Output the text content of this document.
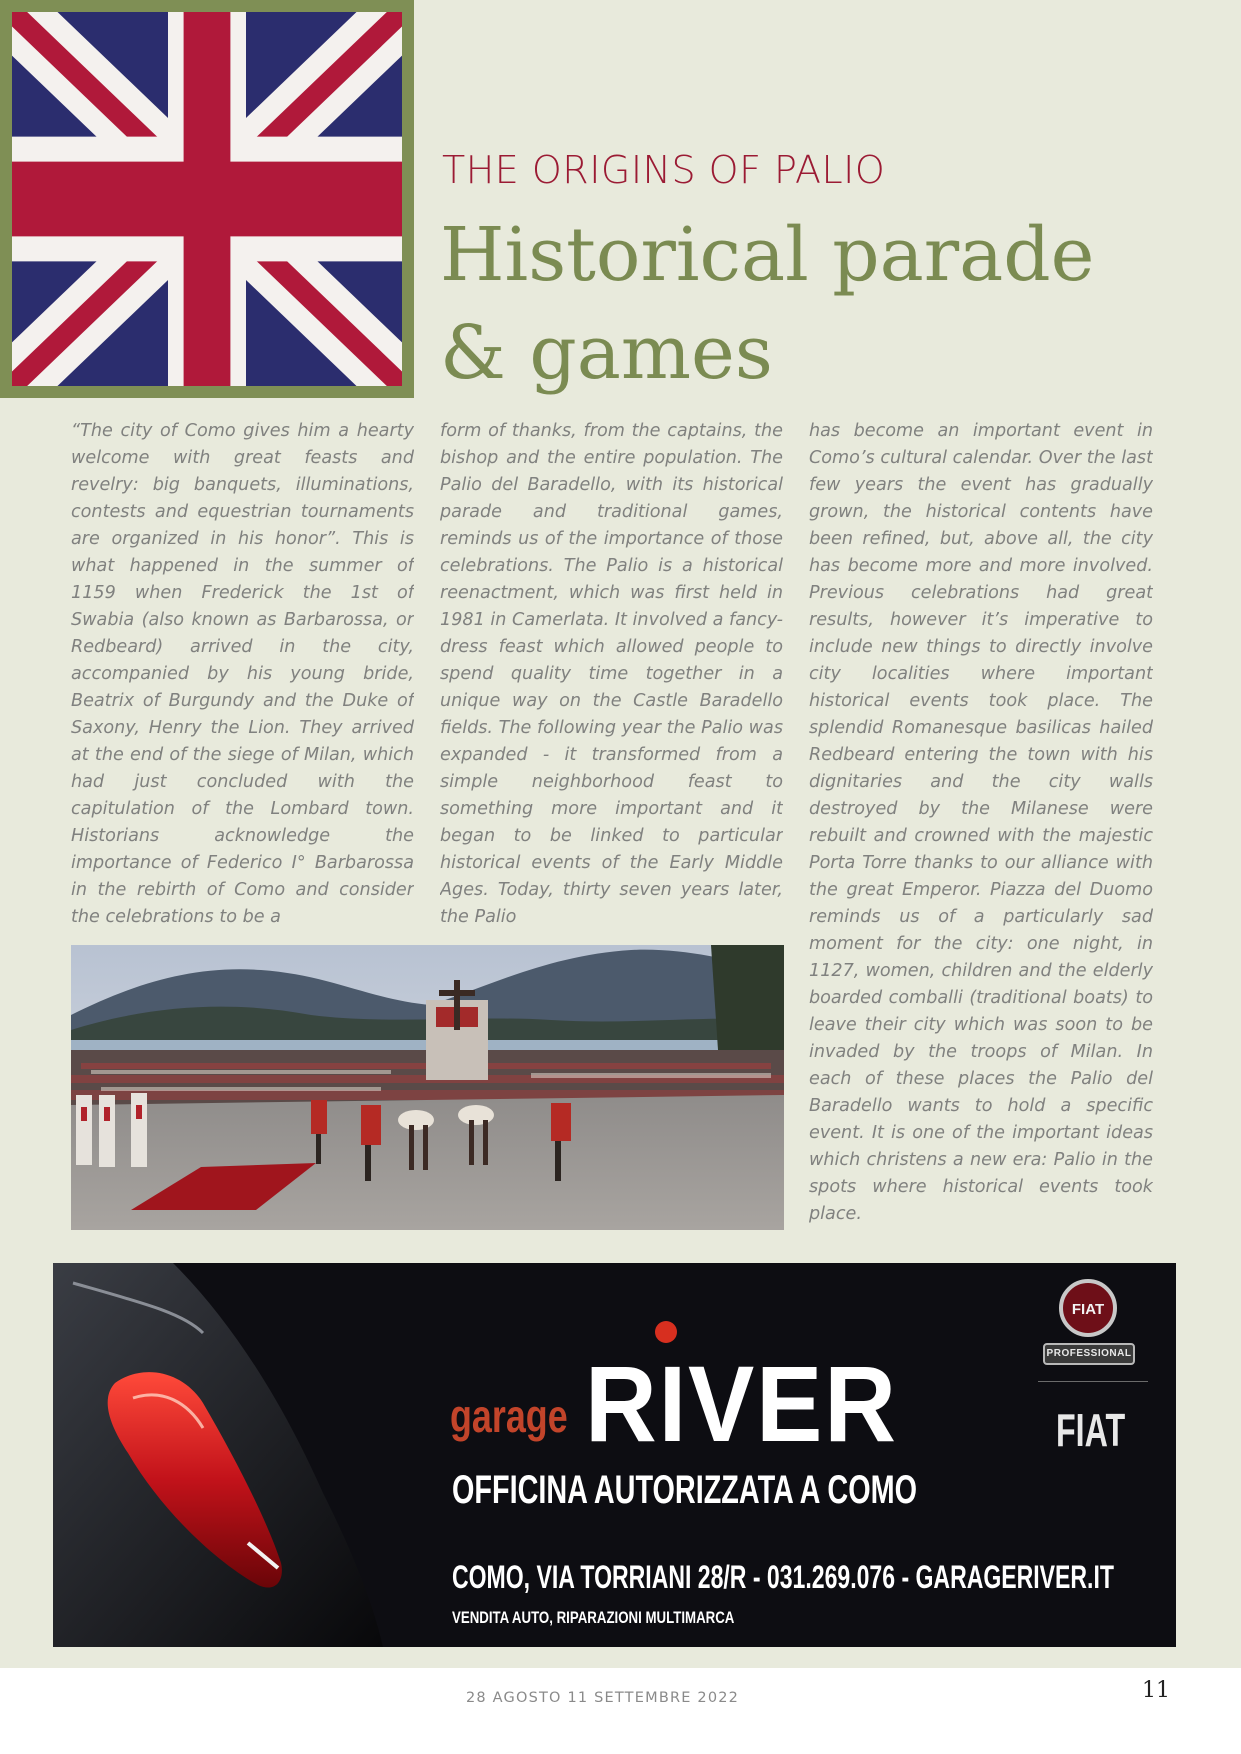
THE ORIGINS OF PALIO
Historical parade
& games
“The city of Como gives him a hearty welcome with great feasts and revelry: big banquets, illuminations, contests and equestrian tournaments are organized in his honor”. This is what happened in the summer of 1159 when Frederick the 1st of Swabia (also known as Barbarossa, or Redbeard) arrived in the city, accompanied by his young bride, Beatrix of Burgundy and the Duke of Saxony, Henry the Lion. They arrived at the end of the siege of Milan, which had just concluded with the capitulation of the Lombard town. Historians acknowledge the importance of Federico I° Barbarossa in the rebirth of Como and consider the celebrations to be a
form of thanks, from the captains, the bishop and the entire population. The Palio del Baradello, with its historical parade and traditional games, reminds us of the importance of those celebrations. The Palio is a historical reenactment, which was first held in 1981 in Camerlata. It involved a fancy-dress feast which allowed people to spend quality time together in a unique way on the Castle Baradello fields. The following year the Palio was expanded - it transformed from a simple neighborhood feast to something more important and it began to be linked to particular historical events of the Early Middle Ages. Today, thirty seven years later, the Palio
has become an important event in Como’s cultural calendar. Over the last few years the event has gradually grown, the historical contents have been refined, but, above all, the city has become more and more involved. Previous celebrations had great results, however it’s imperative to include new things to directly involve city localities where important historical events took place. The splendid Romanesque basilicas hailed Redbeard entering the town with his dignitaries and the city walls destroyed by the Milanese were rebuilt and crowned with the majestic Porta Torre thanks to our alliance with the great Emperor. Piazza del Duomo reminds us of a particularly sad moment for the city: one night, in 1127, women, children and the elderly boarded comballi (traditional boats) to leave their city which was soon to be invaded by the troops of Milan. In each of these places the Palio del Baradello wants to hold a specific event. It is one of the important ideas which christens a new era: Palio in the spots where historical events took place.
garage RIVER
OFFICINA AUTORIZZATA A COMO
COMO, VIA TORRIANI 28/R - 031.269.076 - GARAGERIVER.IT
VENDITA AUTO, RIPARAZIONI MULTIMARCA
FIAT
PROFESSIONAL
FIAT
28 AGOSTO 11 SETTEMBRE 2022	11
